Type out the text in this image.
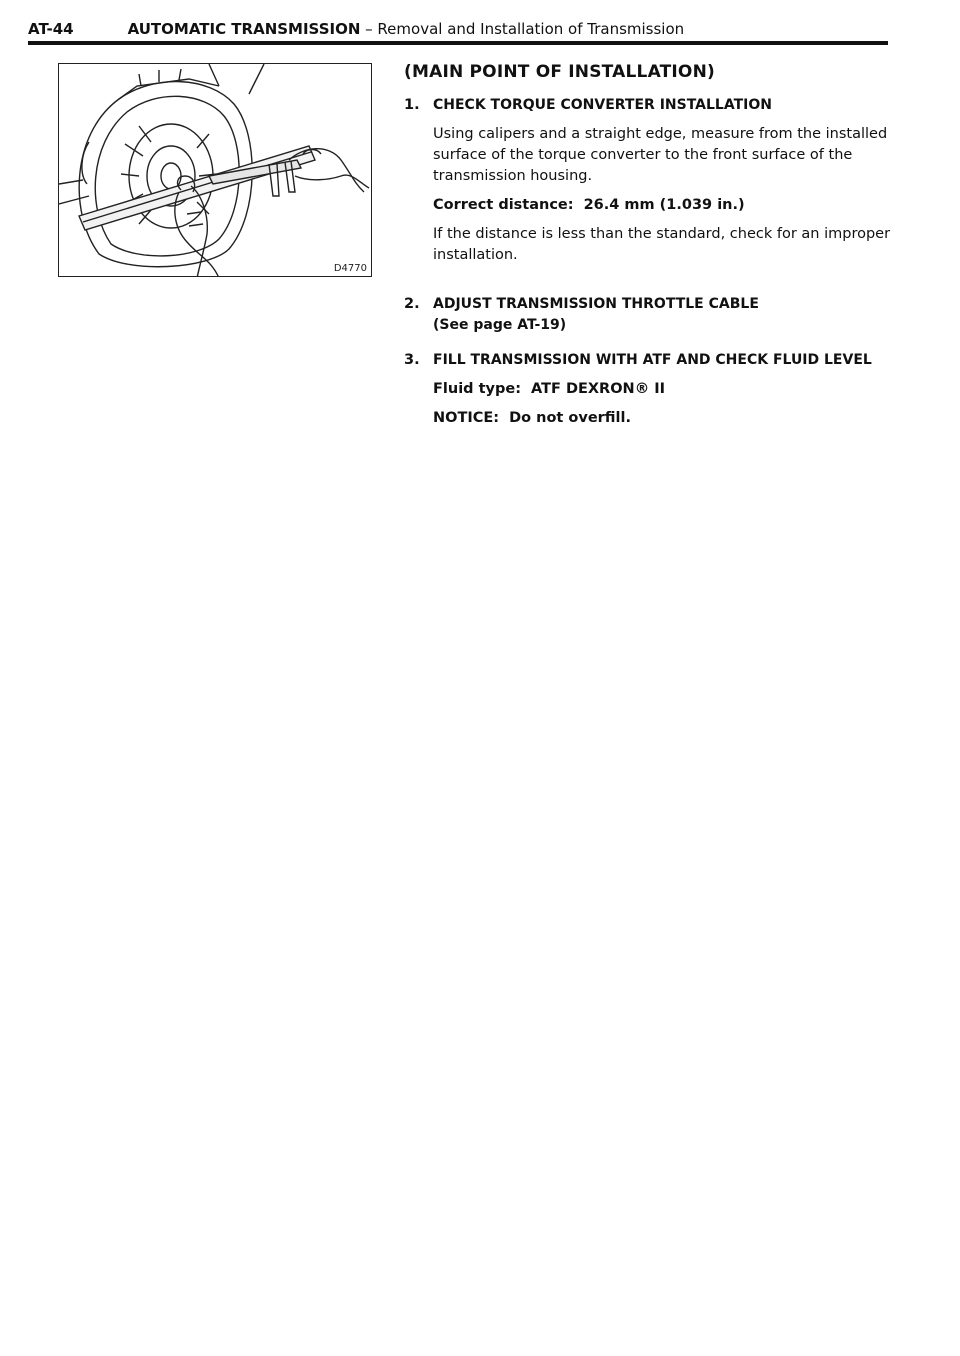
AT-44	AUTOMATIC TRANSMISSION – Removal and Installation of Transmission
D4770
(MAIN POINT OF INSTALLATION)
1. CHECK TORQUE CONVERTER INSTALLATION
Using calipers and a straight edge, measure from the installed surface of the torque converter to the front surface of the transmission housing.
Correct distance: 26.4 mm (1.039 in.)
If the distance is less than the standard, check for an improper installation.
2. ADJUST TRANSMISSION THROTTLE CABLE
(See page AT-19)
3. FILL TRANSMISSION WITH ATF AND CHECK FLUID LEVEL
Fluid type: ATF DEXRON® II
NOTICE: Do not overfill.
